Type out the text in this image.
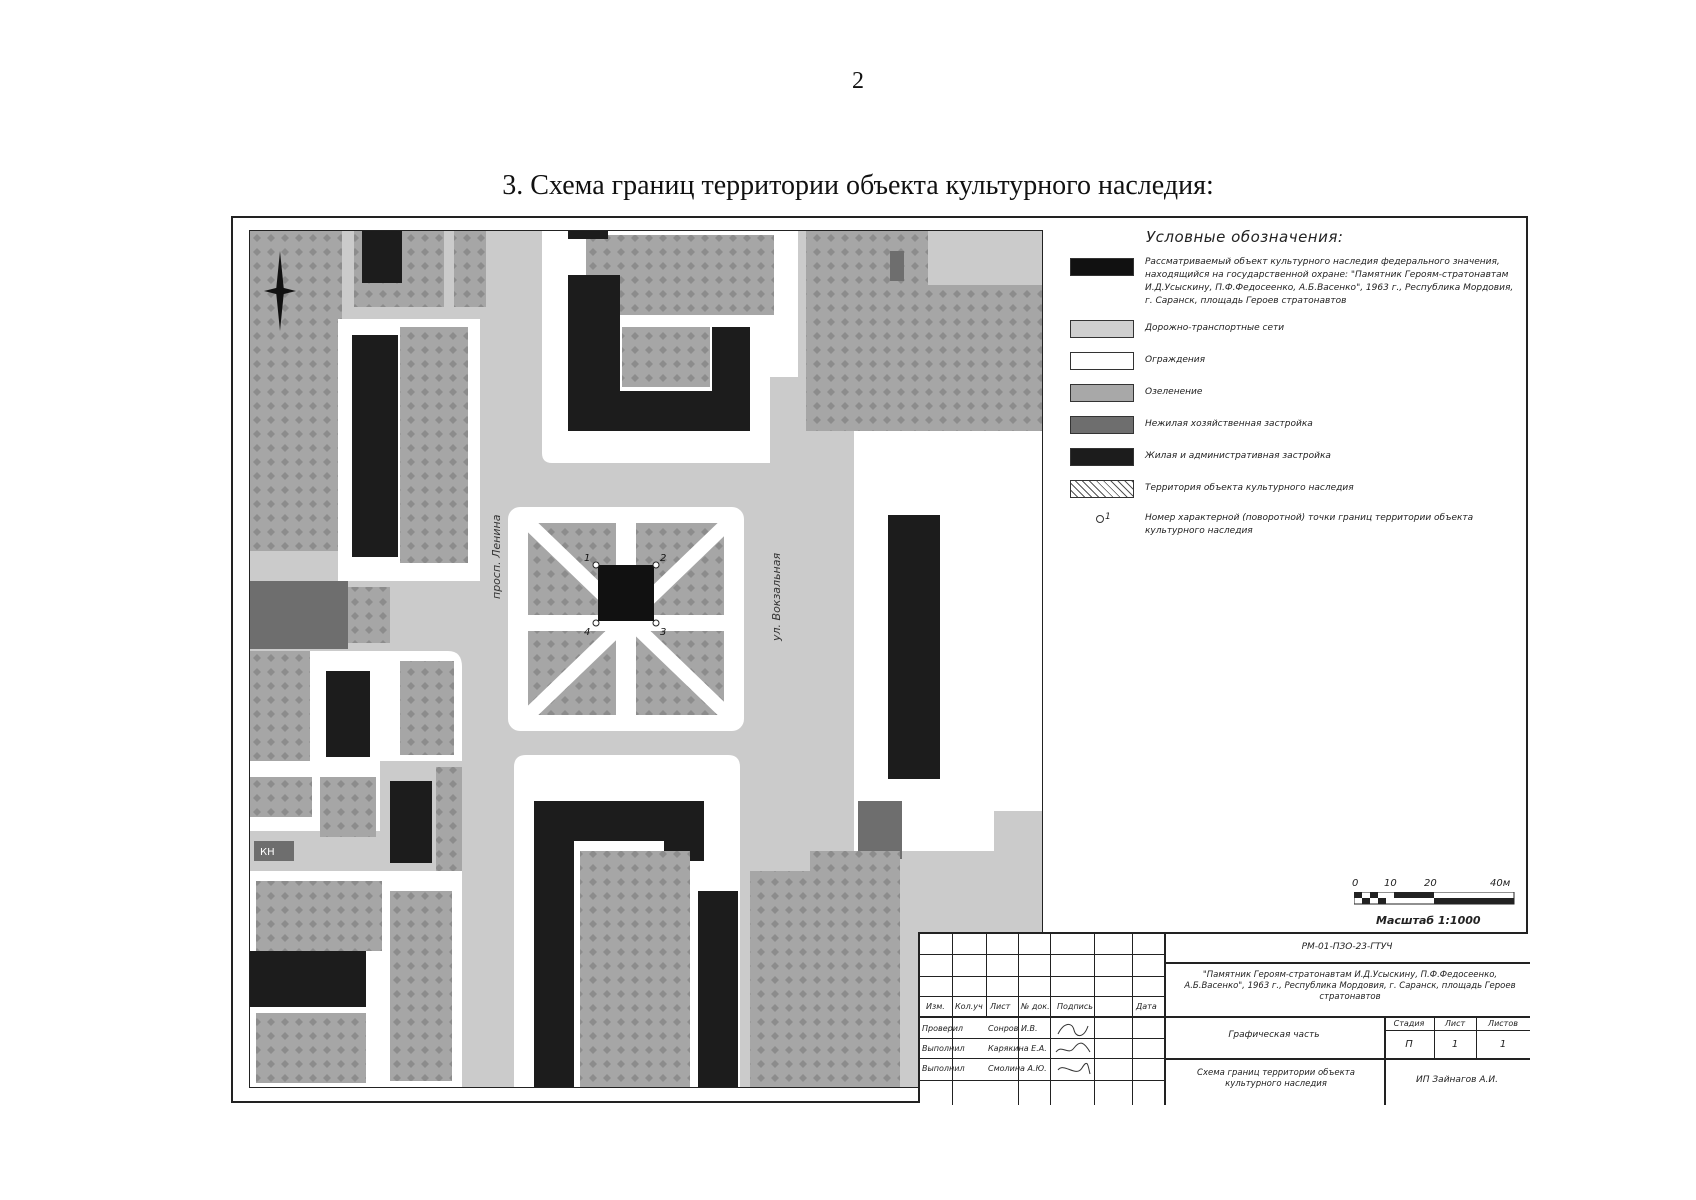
2
3. Схема границ территории объекта культурного наследия:
1	2
3
4
просп. Ленина	ул. Вокзальная
КН
Условные обозначения:
Рассматриваемый объект культурного наследия федерального значения, находящийся на государственной охране: "Памятник Героям-стратонавтам И.Д.Усыскину, П.Ф.Федосеенко, А.Б.Васенко", 1963 г., Республика Мордовия, г. Саранск, площадь Героев стратонавтов
Дорожно-транспортные сети
Ограждения
Озеленение
Нежилая хозяйственная застройка
Жилая и административная застройка
Территория объекта культурного наследия
1	Номер характерной (поворотной) точки границ территории объекта культурного наследия
0	10	20	40м
Масштаб 1:1000
РМ-01-ПЗО-23-ГТУЧ
"Памятник Героям-стратонавтам И.Д.Усыскину, П.Ф.Федосеенко, А.Б.Васенко", 1963 г., Республика Мордовия, г. Саранск, площадь Героев стратонавтов
Изм. Кол.уч Лист № док. Подпись	Дата
Проверил	Сонров И.В.
Выполнил	Карякина Е.А.
Выполнил	Смолина А.Ю.
Графическая часть
Стадия	Лист	Листов
П	1	1
Схема границ территории объекта культурного наследия	ИП Зайнагов А.И.
